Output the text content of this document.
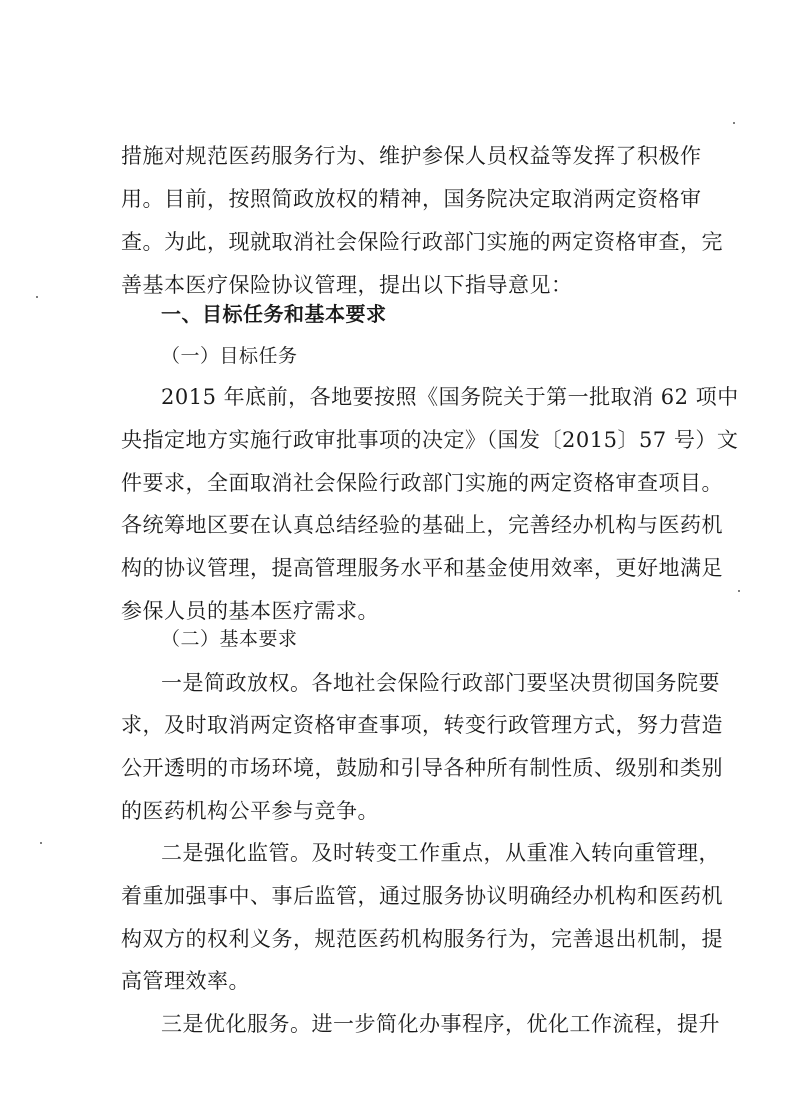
措施对规范医药服务行为、维护参保人员权益等发挥了积极作
用。目前，按照简政放权的精神，国务院决定取消两定资格审
查。为此，现就取消社会保险行政部门实施的两定资格审查，完
善基本医疗保险协议管理，提出以下指导意见：
一、目标任务和基本要求
（一）目标任务
2015 年底前，各地要按照《国务院关于第一批取消 62 项中
央指定地方实施行政审批事项的决定》（国发〔2015〕57 号）文
件要求，全面取消社会保险行政部门实施的两定资格审查项目。
各统筹地区要在认真总结经验的基础上，完善经办机构与医药机
构的协议管理，提高管理服务水平和基金使用效率，更好地满足
参保人员的基本医疗需求。
（二）基本要求
一是简政放权。各地社会保险行政部门要坚决贯彻国务院要
求，及时取消两定资格审查事项，转变行政管理方式，努力营造
公开透明的市场环境，鼓励和引导各种所有制性质、级别和类别
的医药机构公平参与竞争。
二是强化监管。及时转变工作重点，从重准入转向重管理，
着重加强事中、事后监管，通过服务协议明确经办机构和医药机
构双方的权利义务，规范医药机构服务行为，完善退出机制，提
高管理效率。
三是优化服务。进一步简化办事程序，优化工作流程，提升
